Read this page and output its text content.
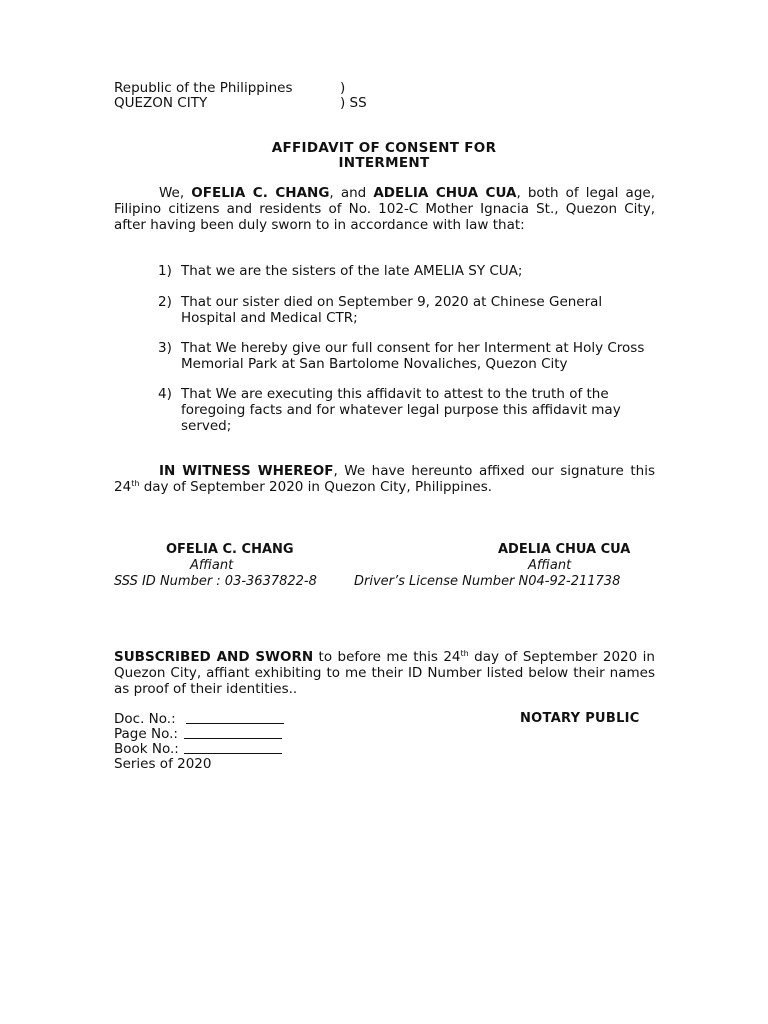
Republic of the Philippines	)
QUEZON CITY	) SS
AFFIDAVIT OF CONSENT FOR
INTERMENT
We, OFELIA C. CHANG, and ADELIA CHUA CUA, both of legal age, Filipino citizens and residents of No. 102-C Mother Ignacia St., Quezon City, after having been duly sworn to in accordance with law that:
1) That we are the sisters of the late AMELIA SY CUA;
2) That our sister died on September 9, 2020 at Chinese General Hospital and Medical CTR;
3) That We hereby give our full consent for her Interment at Holy Cross Memorial Park at San Bartolome Novaliches, Quezon City
4) That We are executing this affidavit to attest to the truth of the foregoing facts and for whatever legal purpose this affidavit may served;
IN WITNESS WHEREOF, We have hereunto affixed our signature this 24th day of September 2020 in Quezon City, Philippines.
OFELIA C. CHANG
Affiant
SSS ID Number : 03-3637822-8
ADELIA CHUA CUA
Affiant
Driver’s License Number N04-92-211738
SUBSCRIBED AND SWORN to before me this 24th day of September 2020 in Quezon City, affiant exhibiting to me their ID Number listed below their names as proof of their identities..
Doc. No.:
Page No.:
Book No.:
Series of 2020
NOTARY PUBLIC
